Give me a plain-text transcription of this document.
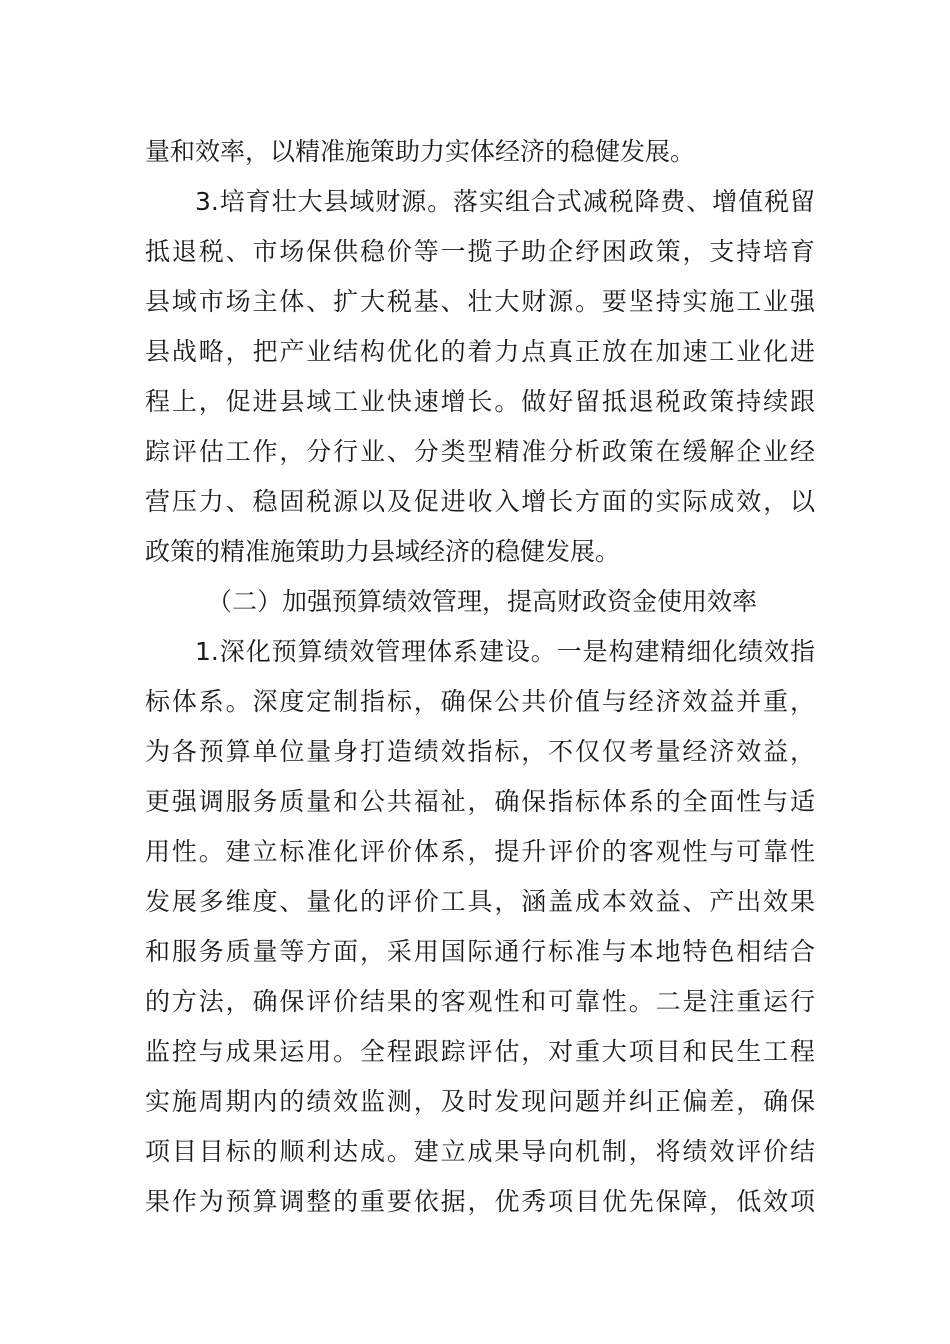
量和效率，以精准施策助力实体经济的稳健发展。
3.培育壮大县域财源。落实组合式减税降费、增值税留
抵退税、市场保供稳价等一揽子助企纾困政策，支持培育
县域市场主体、扩大税基、壮大财源。要坚持实施工业强
县战略，把产业结构优化的着力点真正放在加速工业化进
程上，促进县域工业快速增长。做好留抵退税政策持续跟
踪评估工作，分行业、分类型精准分析政策在缓解企业经
营压力、稳固税源以及促进收入增长方面的实际成效，以
政策的精准施策助力县域经济的稳健发展。
（二）加强预算绩效管理，提高财政资金使用效率
1.深化预算绩效管理体系建设。一是构建精细化绩效指
标体系。深度定制指标，确保公共价值与经济效益并重，
为各预算单位量身打造绩效指标，不仅仅考量经济效益，
更强调服务质量和公共福祉，确保指标体系的全面性与适
用性。建立标准化评价体系，提升评价的客观性与可靠性
发展多维度、量化的评价工具，涵盖成本效益、产出效果
和服务质量等方面，采用国际通行标准与本地特色相结合
的方法，确保评价结果的客观性和可靠性。二是注重运行
监控与成果运用。全程跟踪评估，对重大项目和民生工程
实施周期内的绩效监测，及时发现问题并纠正偏差，确保
项目目标的顺利达成。建立成果导向机制，将绩效评价结
果作为预算调整的重要依据，优秀项目优先保障，低效项
